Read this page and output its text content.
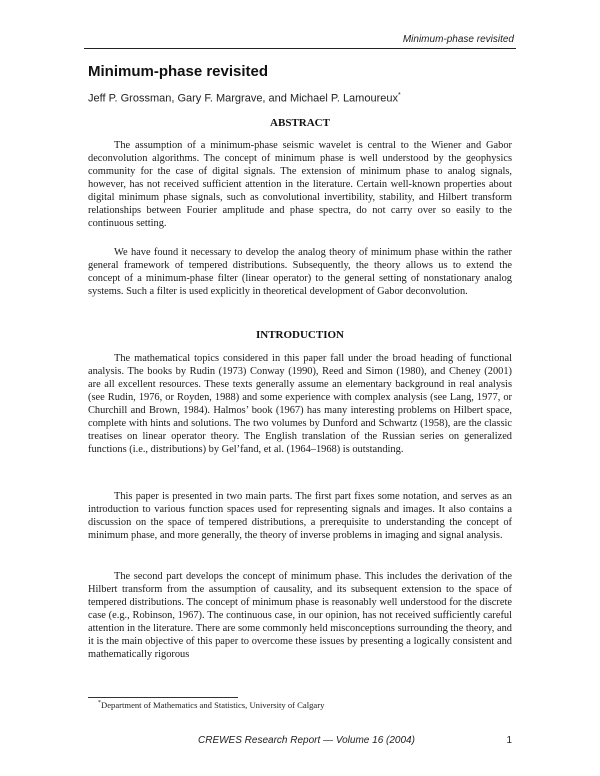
Minimum-phase revisited
Minimum-phase revisited
Jeff P. Grossman, Gary F. Margrave, and Michael P. Lamoureux*
ABSTRACT
The assumption of a minimum-phase seismic wavelet is central to the Wiener and Gabor deconvolution algorithms. The concept of minimum phase is well understood by the geophysics community for the case of digital signals. The extension of minimum phase to analog signals, however, has not received sufficient attention in the literature. Certain well-known properties about digital minimum phase signals, such as convolutional invertibility, stability, and Hilbert transform relationships between Fourier amplitude and phase spectra, do not carry over so easily to the continuous setting.
We have found it necessary to develop the analog theory of minimum phase within the rather general framework of tempered distributions. Subsequently, the theory allows us to extend the concept of a minimum-phase filter (linear operator) to the general setting of nonstationary analog systems. Such a filter is used explicitly in theoretical development of Gabor deconvolution.
INTRODUCTION
The mathematical topics considered in this paper fall under the broad heading of functional analysis. The books by Rudin (1973) Conway (1990), Reed and Simon (1980), and Cheney (2001) are all excellent resources. These texts generally assume an elementary background in real analysis (see Rudin, 1976, or Royden, 1988) and some experience with complex analysis (see Lang, 1977, or Churchill and Brown, 1984). Halmos’ book (1967) has many interesting problems on Hilbert space, complete with hints and solutions. The two volumes by Dunford and Schwartz (1958), are the classic treatises on linear operator theory. The English translation of the Russian series on generalized functions (i.e., distributions) by Gel’fand, et al. (1964–1968) is outstanding.
This paper is presented in two main parts. The first part fixes some notation, and serves as an introduction to various function spaces used for representing signals and images. It also contains a discussion on the space of tempered distributions, a prerequisite to understanding the concept of minimum phase, and more generally, the theory of inverse problems in imaging and signal analysis.
The second part develops the concept of minimum phase. This includes the derivation of the Hilbert transform from the assumption of causality, and its subsequent extension to the space of tempered distributions. The concept of minimum phase is reasonably well understood for the discrete case (e.g., Robinson, 1967). The continuous case, in our opinion, has not received sufficiently careful attention in the literature. There are some commonly held misconceptions surrounding the theory, and it is the main objective of this paper to overcome these issues by presenting a logically consistent and mathematically rigorous
*Department of Mathematics and Statistics, University of Calgary
CREWES Research Report — Volume 16 (2004)	1
